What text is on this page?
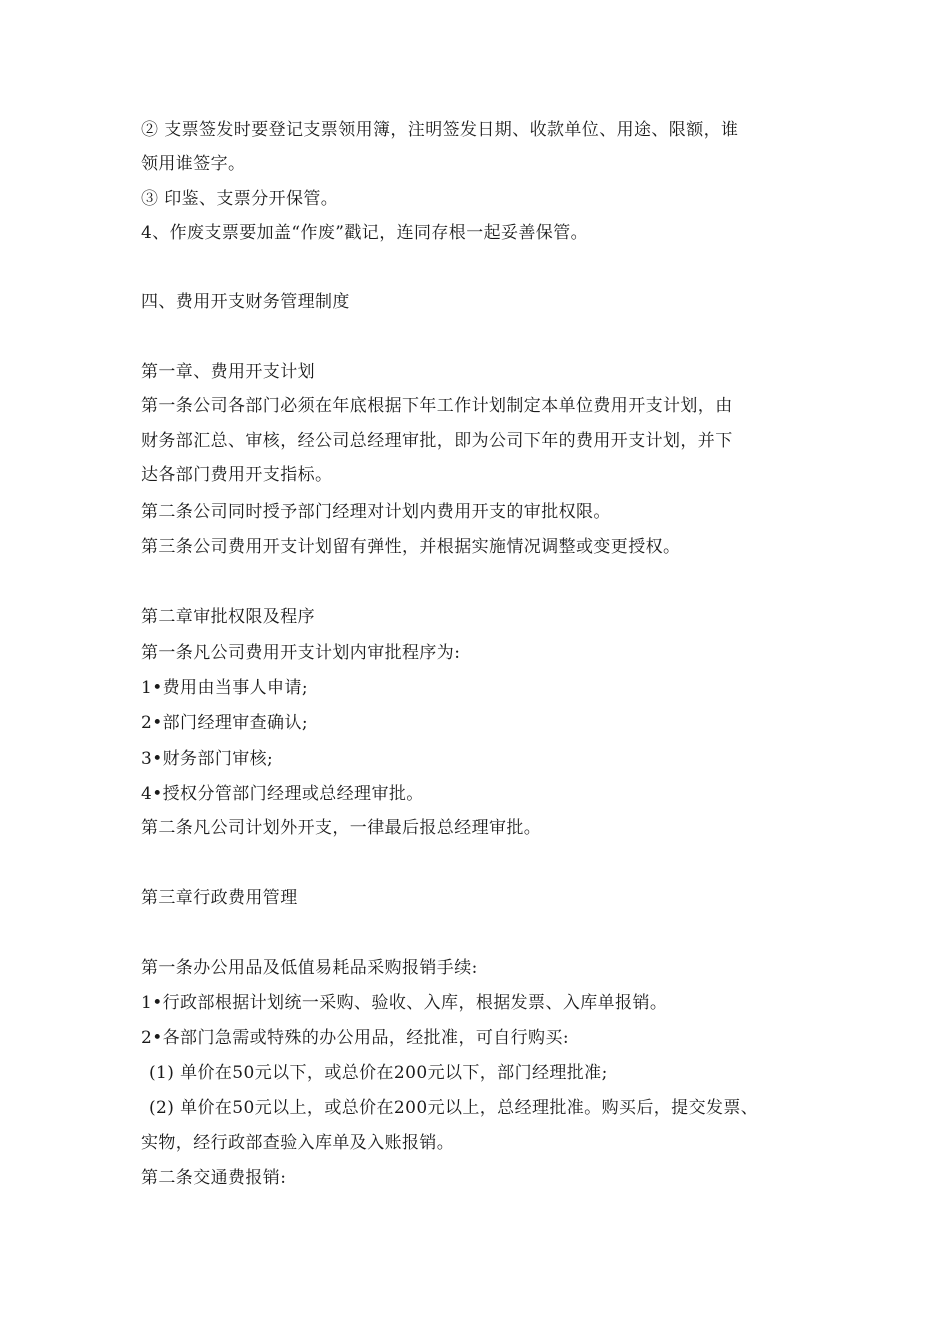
② 支票签发时要登记支票领用簿，注明签发日期、收款单位、用途、限额，谁
领用谁签字。
③ 印鉴、支票分开保管。
4、作废支票要加盖“作废”戳记，连同存根一起妥善保管。
四、费用开支财务管理制度
第一章、费用开支计划
第一条公司各部门必须在年底根据下年工作计划制定本单位费用开支计划，由
财务部汇总、审核，经公司总经理审批，即为公司下年的费用开支计划，并下
达各部门费用开支指标。
第二条公司同时授予部门经理对计划内费用开支的审批权限。
第三条公司费用开支计划留有弹性，并根据实施情况调整或变更授权。
第二章审批权限及程序
第一条凡公司费用开支计划内审批程序为:
1•费用由当事人申请;
2•部门经理审查确认;
3•财务部门审核;
4•授权分管部门经理或总经理审批。
第二条凡公司计划外开支，一律最后报总经理审批。
第三章行政费用管理
第一条办公用品及低值易耗品采购报销手续:
1•行政部根据计划统一采购、验收、入库，根据发票、入库单报销。
2•各部门急需或特殊的办公用品，经批准，可自行购买:
(1) 单价在50元以下，或总价在200元以下，部门经理批准;
(2) 单价在50元以上，或总价在200元以上，总经理批准。购买后，提交发票、
实物，经行政部查验入库单及入账报销。
第二条交通费报销:
